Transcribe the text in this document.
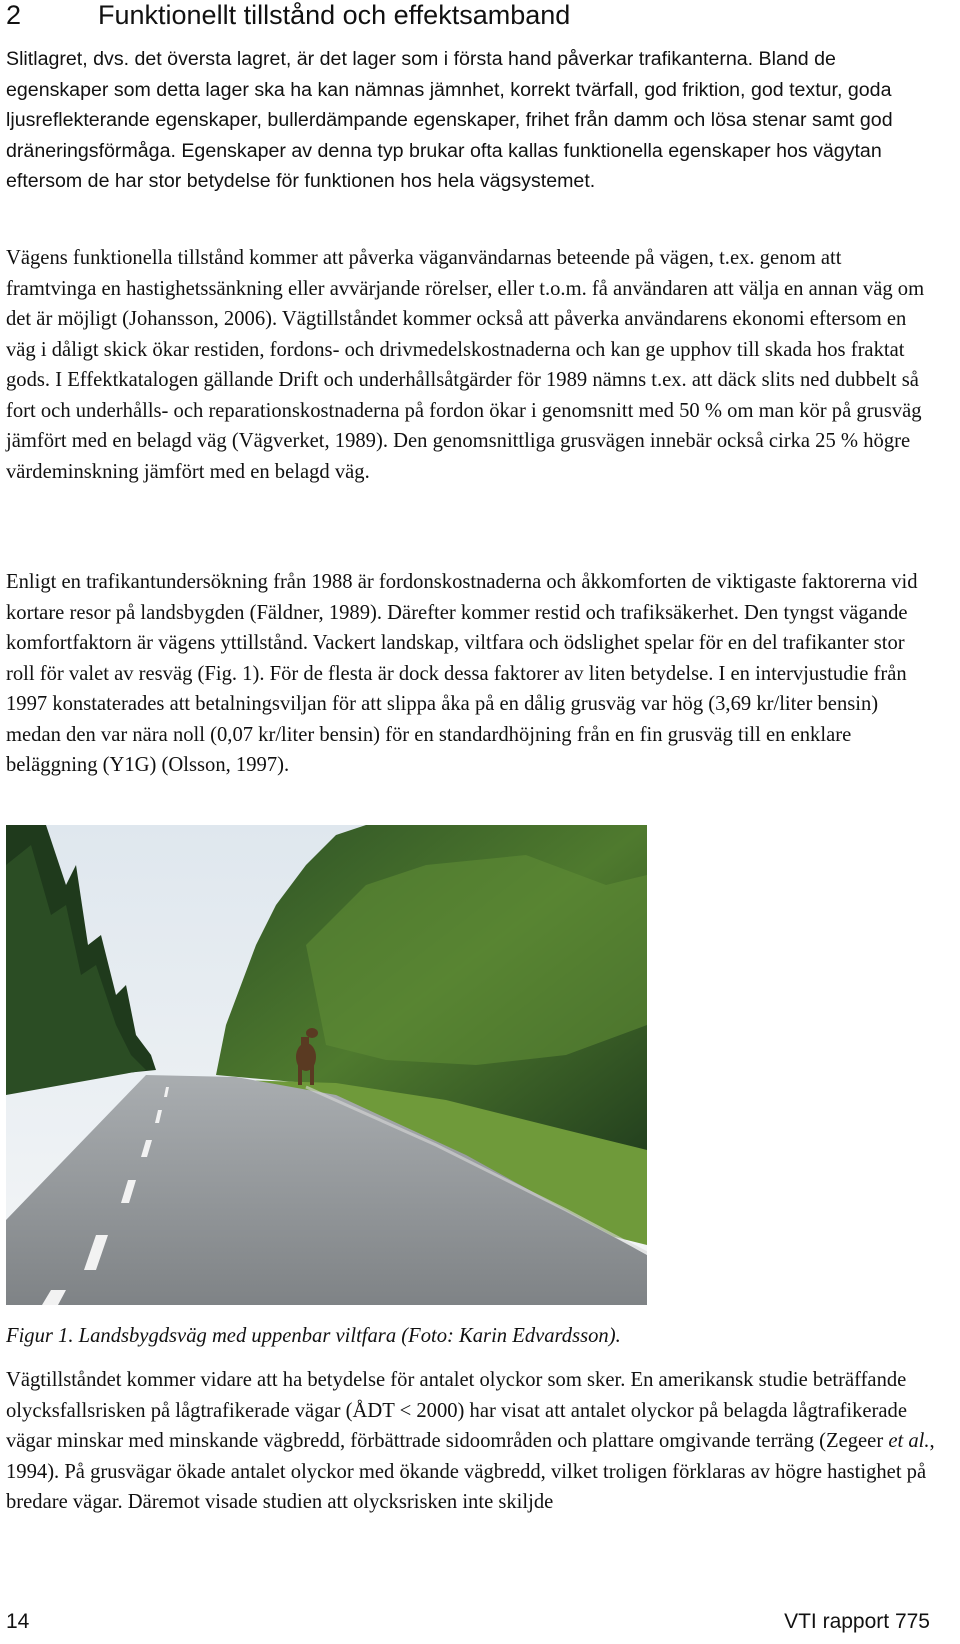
2	Funktionellt tillstånd och effektsamband

Slitlagret, dvs. det översta lagret, är det lager som i första hand påverkar trafikanterna. Bland de egenskaper som detta lager ska ha kan nämnas jämnhet, korrekt tvärfall, god friktion, god textur, goda ljusreflekterande egenskaper, bullerdämpande egenskaper, frihet från damm och lösa stenar samt god dräneringsförmåga. Egenskaper av denna typ brukar ofta kallas funktionella egenskaper hos vägytan eftersom de har stor betydelse för funktionen hos hela vägsystemet.

Vägens funktionella tillstånd kommer att påverka väganvändarnas beteende på vägen, t.ex. genom att framtvinga en hastighetssänkning eller avvärjande rörelser, eller t.o.m. få användaren att välja en annan väg om det är möjligt (Johansson, 2006). Vägtillståndet kommer också att påverka användarens ekonomi eftersom en väg i dåligt skick ökar restiden, fordons- och drivmedelskostnaderna och kan ge upphov till skada hos fraktat gods. I Effektkatalogen gällande Drift och underhållsåtgärder för 1989 nämns t.ex. att däck slits ned dubbelt så fort och underhålls- och reparationskostnaderna på fordon ökar i genomsnitt med 50 % om man kör på grusväg jämfört med en belagd väg (Vägverket, 1989). Den genomsnittliga grusvägen innebär också cirka 25 % högre värdeminskning jämfört med en belagd väg.

Enligt en trafikantundersökning från 1988 är fordonskostnaderna och åkkomforten de viktigaste faktorerna vid kortare resor på landsbygden (Fäldner, 1989). Därefter kommer restid och trafiksäkerhet. Den tyngst vägande komfortfaktorn är vägens yttillstånd. Vackert landskap, viltfara och ödslighet spelar för en del trafikanter stor roll för valet av resväg (Fig. 1). För de flesta är dock dessa faktorer av liten betydelse. I en intervjustudie från 1997 konstaterades att betalningsviljan för att slippa åka på en dålig grusväg var hög (3,69 kr/liter bensin) medan den var nära noll (0,07 kr/liter bensin) för en standardhöjning från en fin grusväg till en enklare beläggning (Y1G) (Olsson, 1997).

Figur 1. Landsbygdsväg med uppenbar viltfara (Foto: Karin Edvardsson).

Vägtillståndet kommer vidare att ha betydelse för antalet olyckor som sker. En amerikansk studie beträffande olycksfallsrisken på lågtrafikerade vägar (ÅDT < 2000) har visat att antalet olyckor på belagda lågtrafikerade vägar minskar med minskande vägbredd, förbättrade sidoområden och plattare omgivande terräng (Zegeer et al., 1994). På grusvägar ökade antalet olyckor med ökande vägbredd, vilket troligen förklaras av högre hastighet på bredare vägar. Däremot visade studien att olycksrisken inte skiljde

14	VTI rapport 775
